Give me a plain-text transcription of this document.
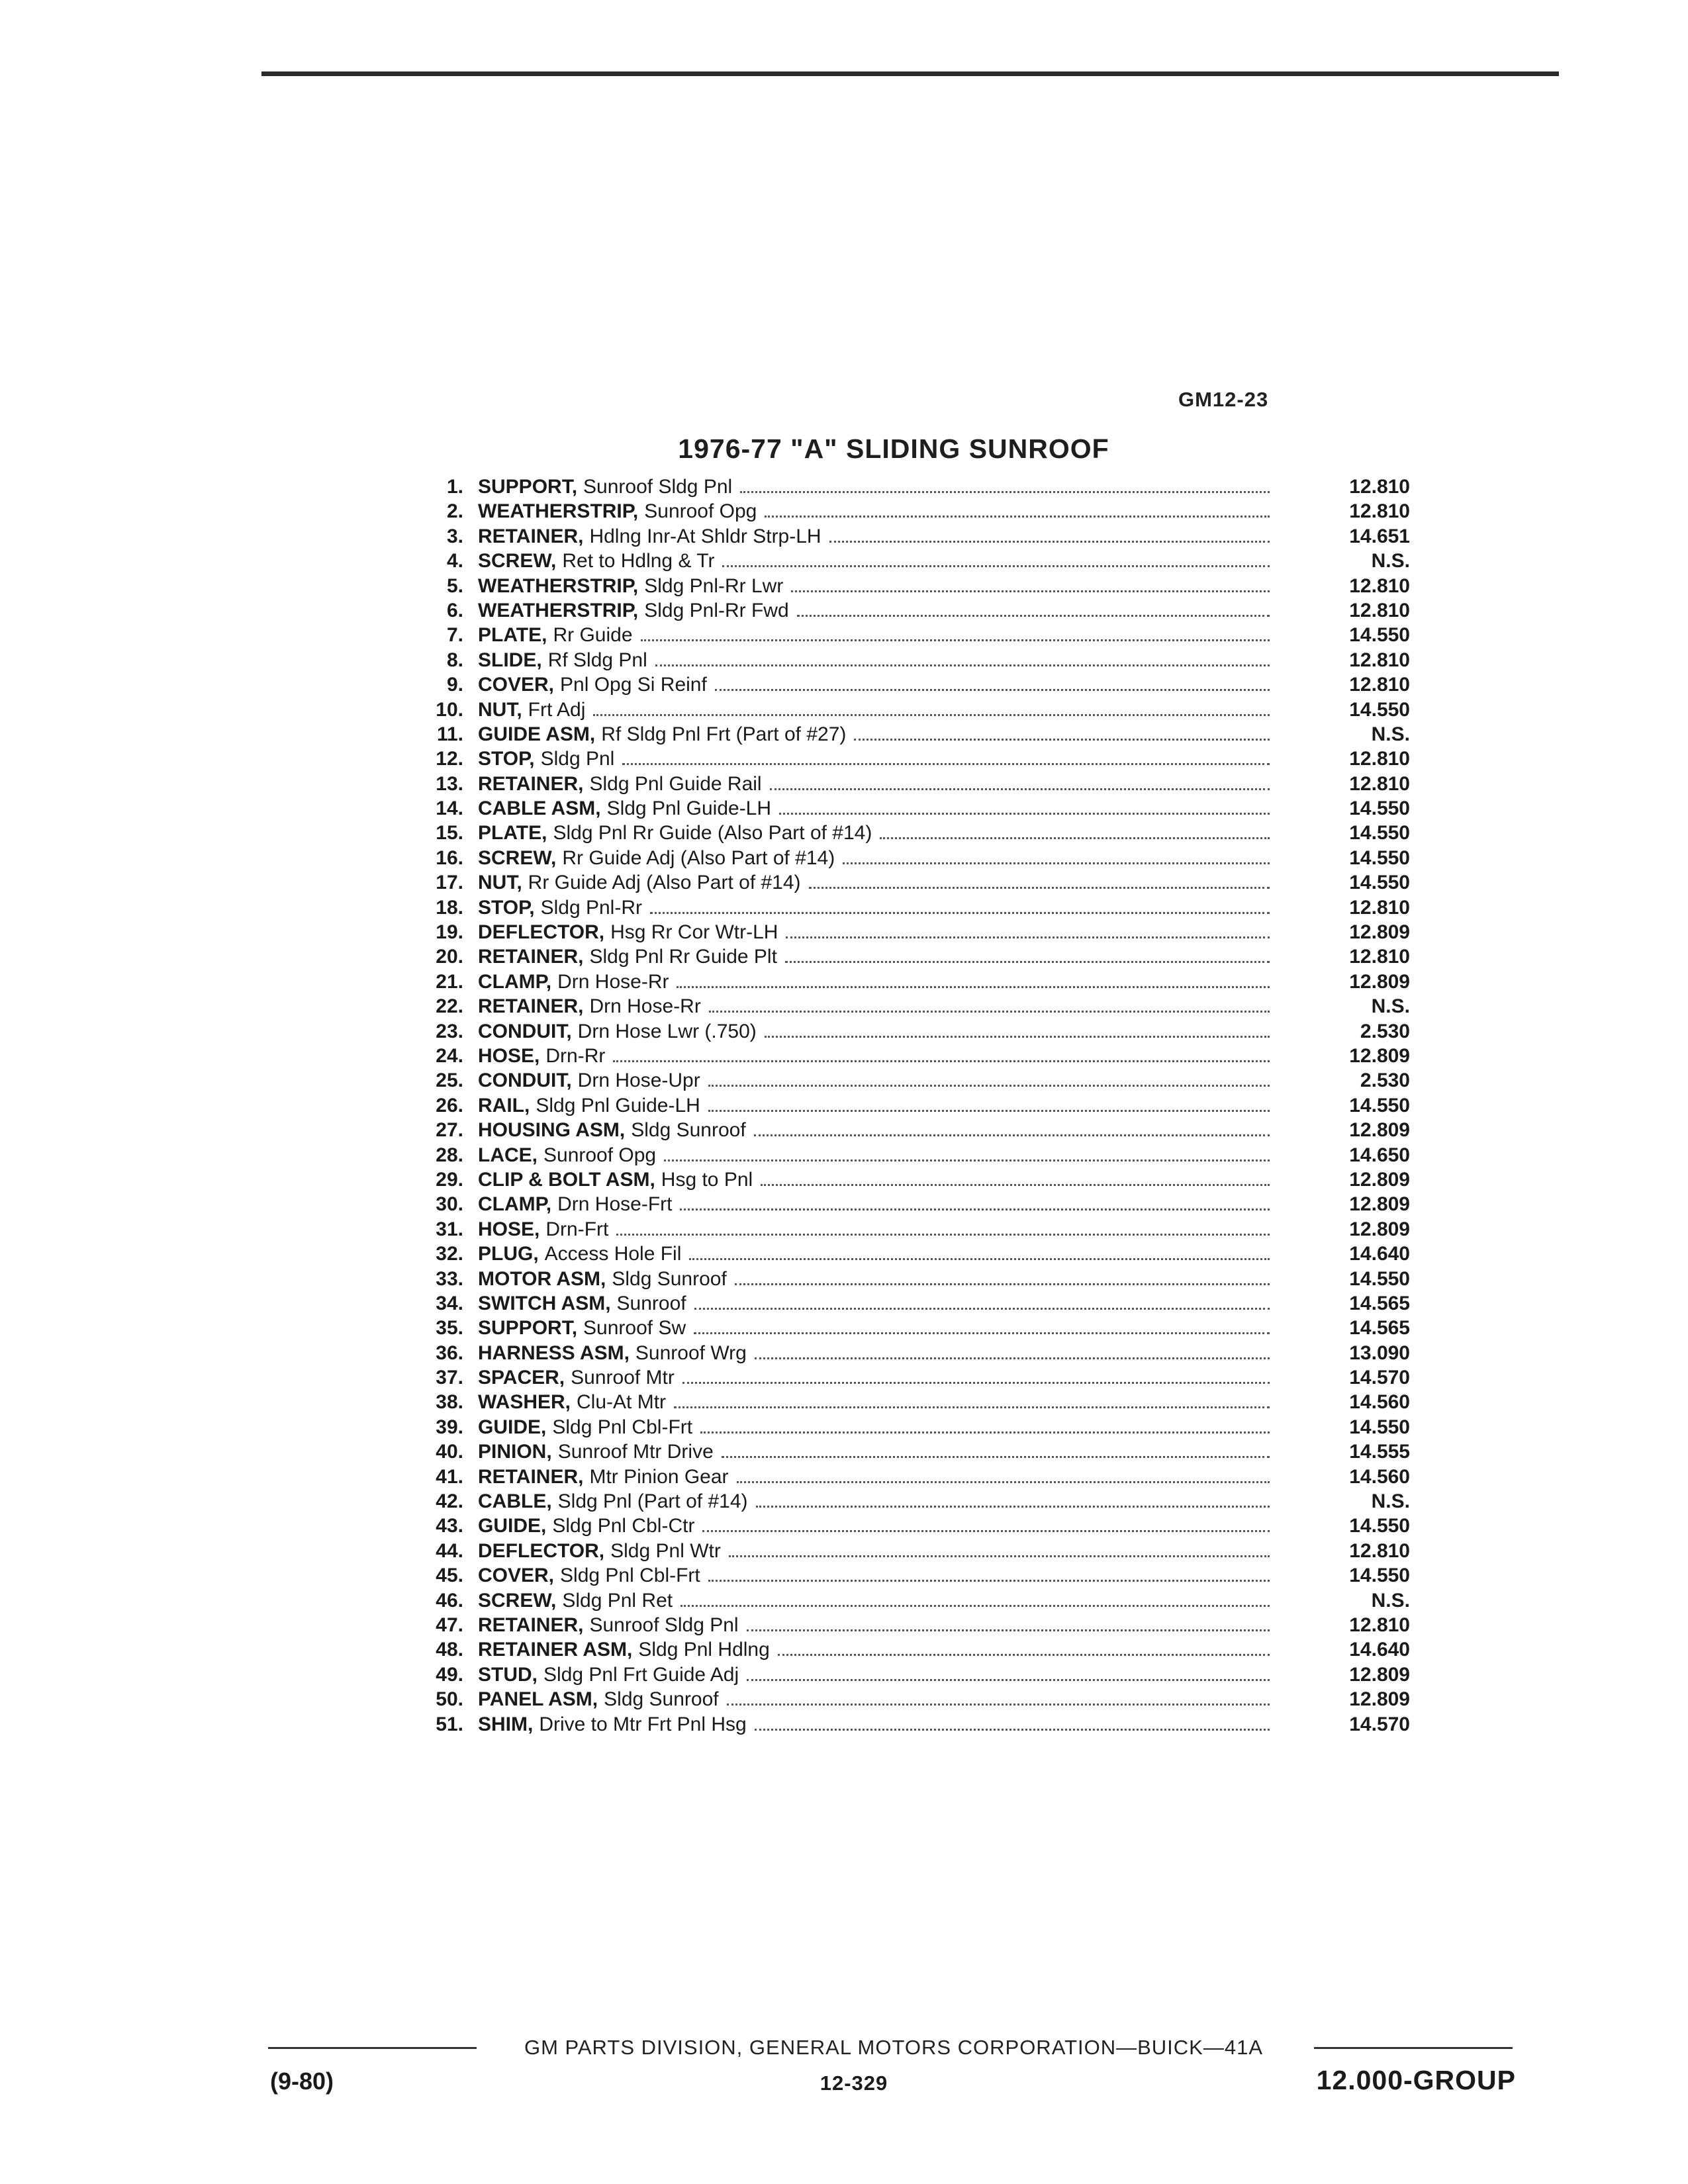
GM12-23
1976-77 "A" SLIDING SUNROOF
1. SUPPORT, Sunroof Sldg Pnl	12.810
2. WEATHERSTRIP, Sunroof Opg	12.810
3. RETAINER, Hdlng Inr-At Shldr Strp-LH	14.651
4. SCREW, Ret to Hdlng & Tr	N.S.
5. WEATHERSTRIP, Sldg Pnl-Rr Lwr	12.810
6. WEATHERSTRIP, Sldg Pnl-Rr Fwd	12.810
7. PLATE, Rr Guide	14.550
8. SLIDE, Rf Sldg Pnl	12.810
9. COVER, Pnl Opg Si Reinf	12.810
10. NUT, Frt Adj	14.550
11. GUIDE ASM, Rf Sldg Pnl Frt (Part of #27)	N.S.
12. STOP, Sldg Pnl	12.810
13. RETAINER, Sldg Pnl Guide Rail	12.810
14. CABLE ASM, Sldg Pnl Guide-LH	14.550
15. PLATE, Sldg Pnl Rr Guide (Also Part of #14)	14.550
16. SCREW, Rr Guide Adj (Also Part of #14)	14.550
17. NUT, Rr Guide Adj (Also Part of #14)	14.550
18. STOP, Sldg Pnl-Rr	12.810
19. DEFLECTOR, Hsg Rr Cor Wtr-LH	12.809
20. RETAINER, Sldg Pnl Rr Guide Plt	12.810
21. CLAMP, Drn Hose-Rr	12.809
22. RETAINER, Drn Hose-Rr	N.S.
23. CONDUIT, Drn Hose Lwr (.750)	2.530
24. HOSE, Drn-Rr	12.809
25. CONDUIT, Drn Hose-Upr	2.530
26. RAIL, Sldg Pnl Guide-LH	14.550
27. HOUSING ASM, Sldg Sunroof	12.809
28. LACE, Sunroof Opg	14.650
29. CLIP & BOLT ASM, Hsg to Pnl	12.809
30. CLAMP, Drn Hose-Frt	12.809
31. HOSE, Drn-Frt	12.809
32. PLUG, Access Hole Fil	14.640
33. MOTOR ASM, Sldg Sunroof	14.550
34. SWITCH ASM, Sunroof	14.565
35. SUPPORT, Sunroof Sw	14.565
36. HARNESS ASM, Sunroof Wrg	13.090
37. SPACER, Sunroof Mtr	14.570
38. WASHER, Clu-At Mtr	14.560
39. GUIDE, Sldg Pnl Cbl-Frt	14.550
40. PINION, Sunroof Mtr Drive	14.555
41. RETAINER, Mtr Pinion Gear	14.560
42. CABLE, Sldg Pnl (Part of #14)	N.S.
43. GUIDE, Sldg Pnl Cbl-Ctr	14.550
44. DEFLECTOR, Sldg Pnl Wtr	12.810
45. COVER, Sldg Pnl Cbl-Frt	14.550
46. SCREW, Sldg Pnl Ret	N.S.
47. RETAINER, Sunroof Sldg Pnl	12.810
48. RETAINER ASM, Sldg Pnl Hdlng	14.640
49. STUD, Sldg Pnl Frt Guide Adj	12.809
50. PANEL ASM, Sldg Sunroof	12.809
51. SHIM, Drive to Mtr Frt Pnl Hsg	14.570
GM PARTS DIVISION, GENERAL MOTORS CORPORATION—BUICK—41A
(9-80)	12-329	12.000-GROUP
